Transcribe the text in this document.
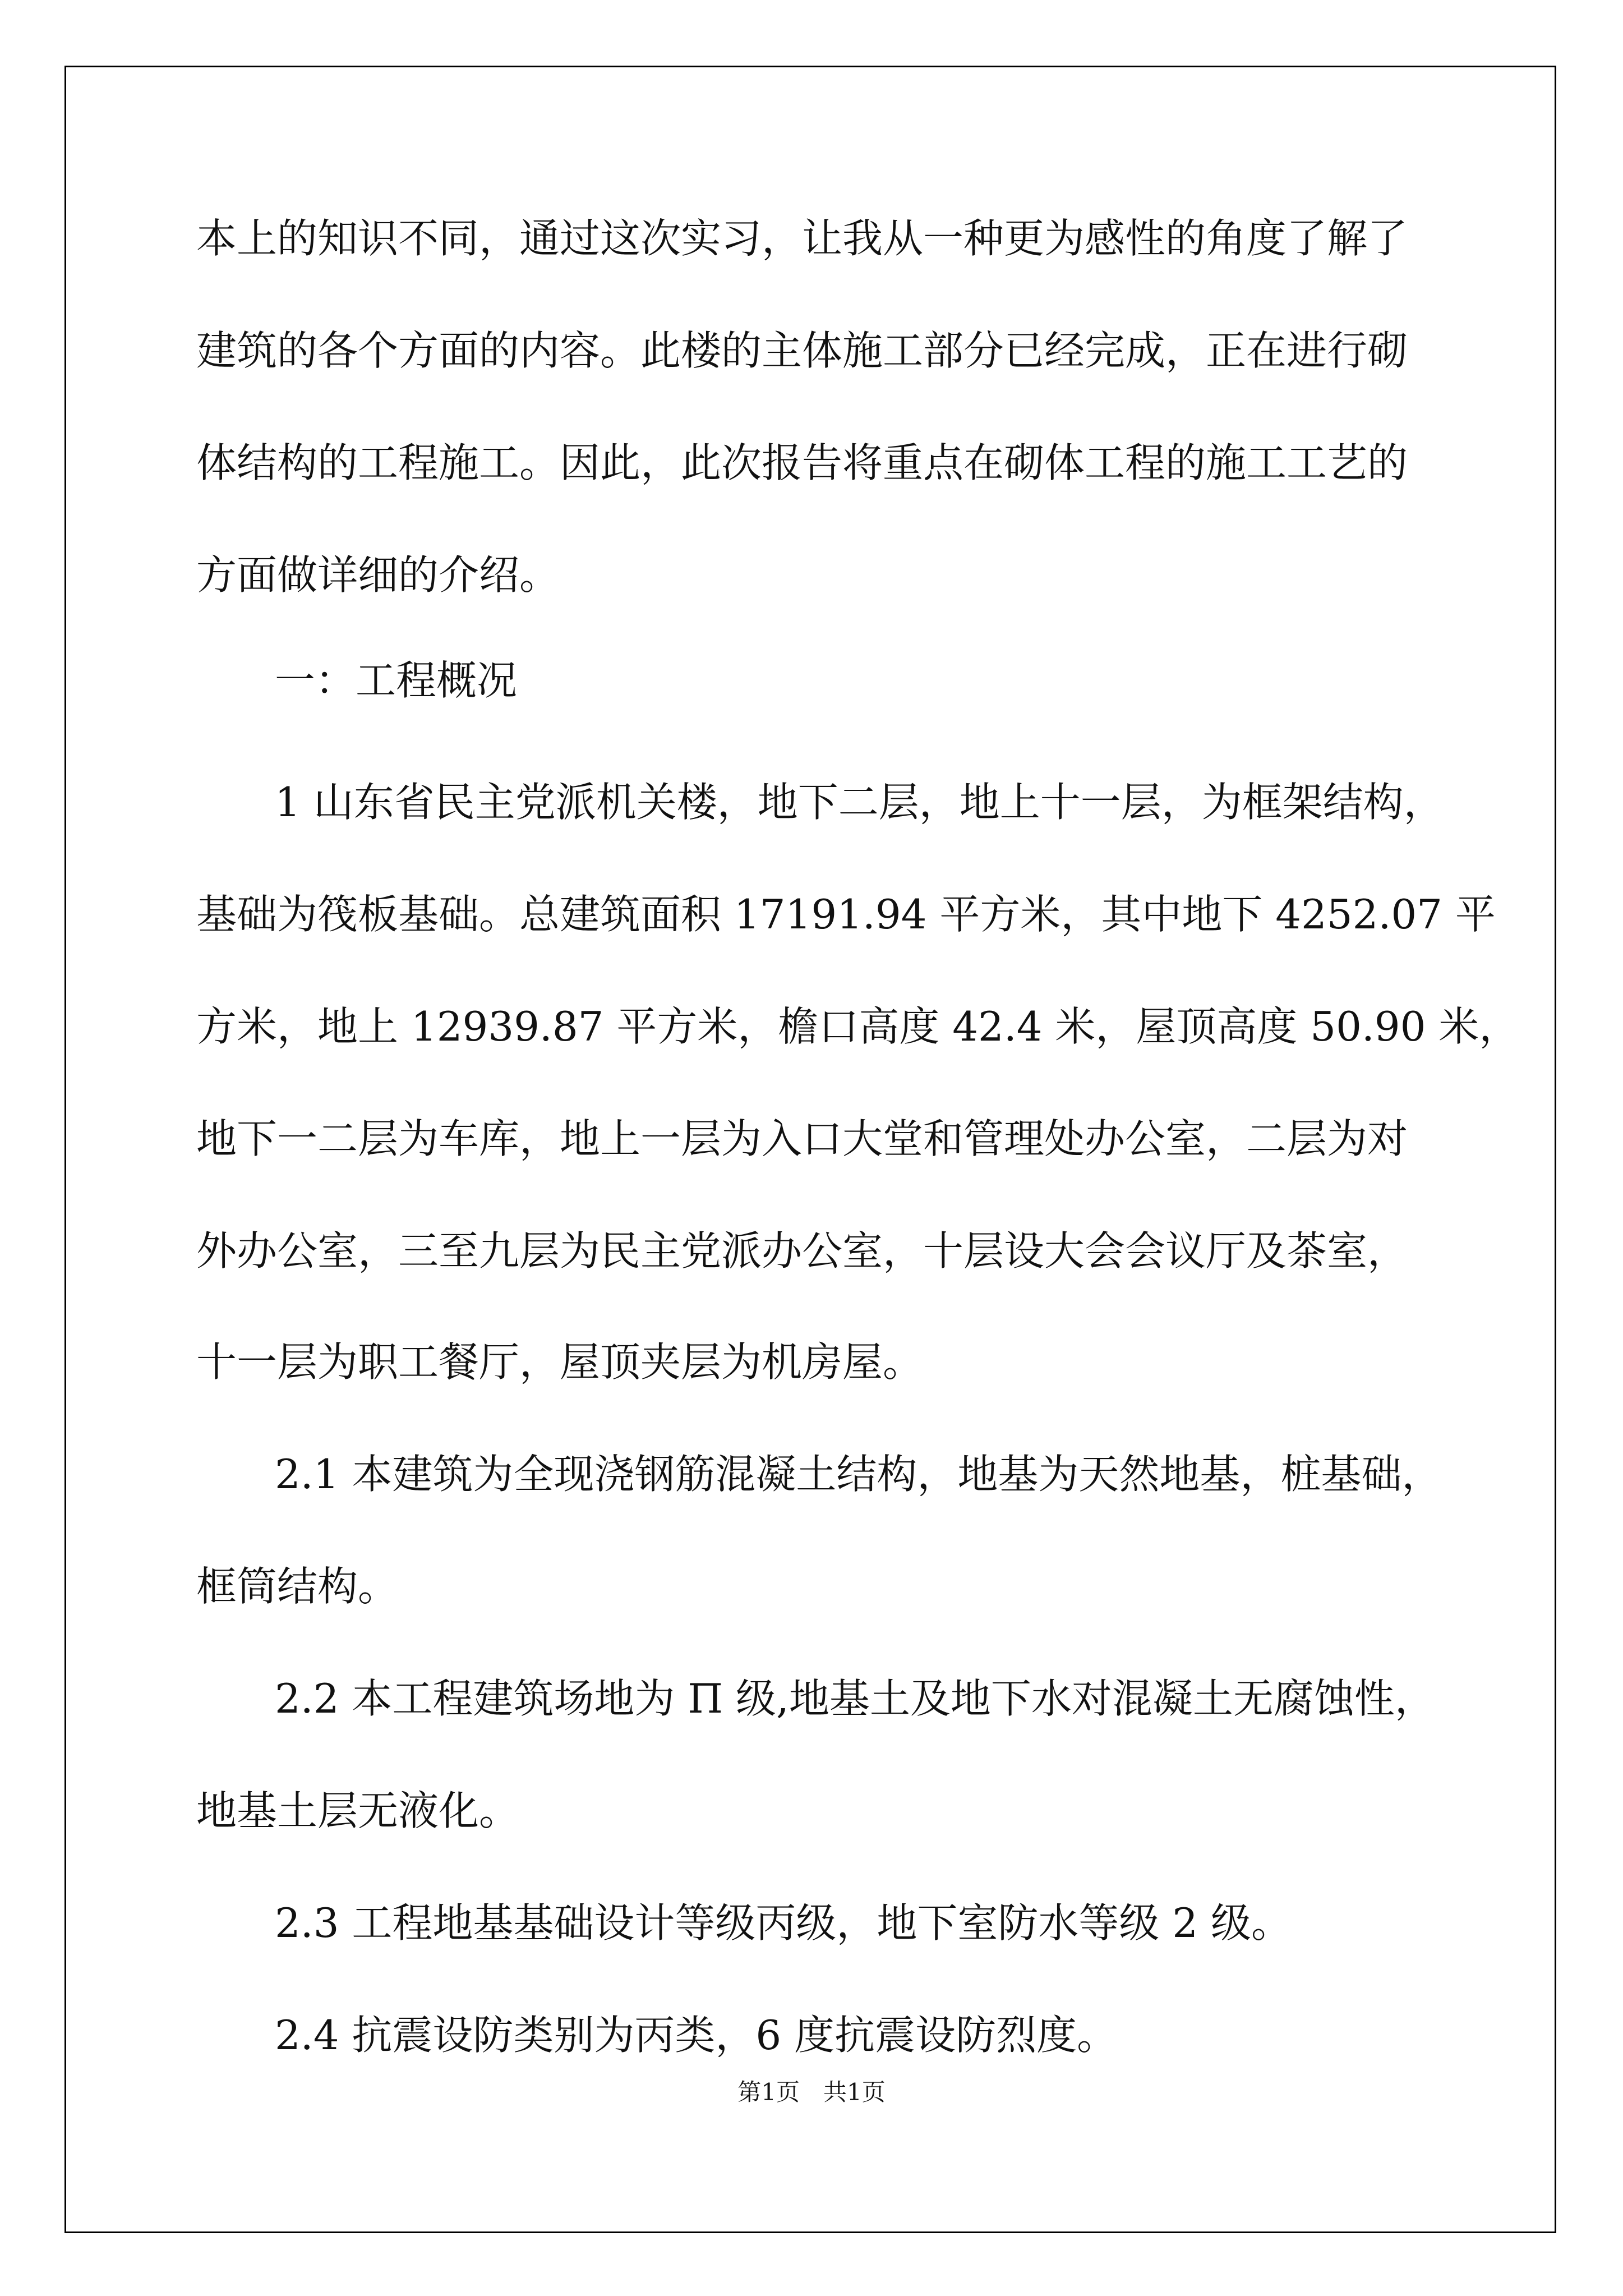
本上的知识不同，通过这次实习，让我从一种更为感性的角度了解了
建筑的各个方面的内容。此楼的主体施工部分已经完成，正在进行砌
体结构的工程施工。因此，此次报告将重点在砌体工程的施工工艺的
方面做详细的介绍。
一：工程概况
1 山东省民主党派机关楼，地下二层，地上十一层，为框架结构，
基础为筏板基础。总建筑面积 17191.94 平方米，其中地下 4252.07 平
方米，地上 12939.87 平方米，檐口高度 42.4 米，屋顶高度 50.90 米，
地下一二层为车库，地上一层为入口大堂和管理处办公室，二层为对
外办公室，三至九层为民主党派办公室，十层设大会会议厅及茶室，
十一层为职工餐厅，屋顶夹层为机房屋。
2.1 本建筑为全现浇钢筋混凝土结构，地基为天然地基，桩基础，
框筒结构。
2.2 本工程建筑场地为 П 级,地基土及地下水对混凝土无腐蚀性，
地基土层无液化。
2.3 工程地基基础设计等级丙级，地下室防水等级 2 级。
2.4 抗震设防类别为丙类，6 度抗震设防烈度。
第1页　共1页
